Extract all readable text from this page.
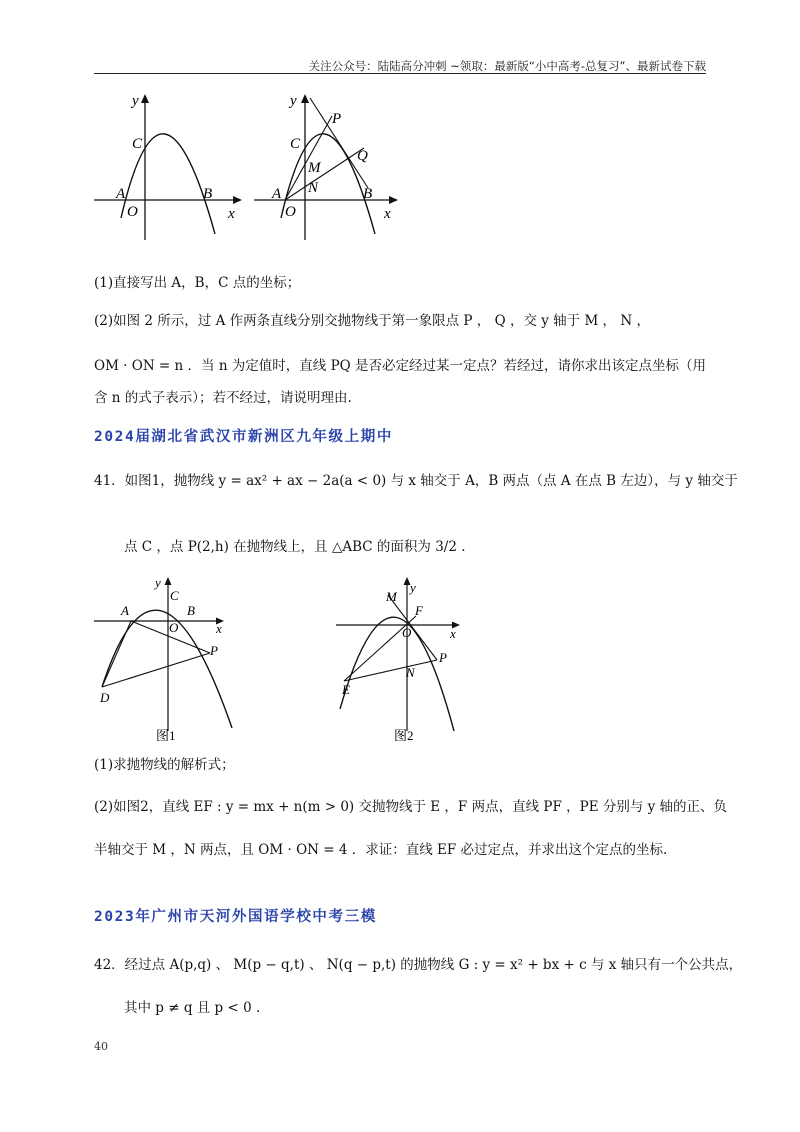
关注公众号：陆陆高分冲刺 ~领取：最新版“小中高考-总复习”、最新试卷下载
y
C
A
O
B
x
y
P
C
Q
M
N
A
O
B
x
(1)直接写出 A，B，C 点的坐标；
(2)如图 2 所示，过 A 作两条直线分别交抛物线于第一象限点 P ， Q ，交 y 轴于 M ， N ，
OM · ON = n ．当 n 为定值时，直线 PQ 是否必定经过某一定点？若经过，请你求出该定点坐标（用
含 n 的式子表示）；若不经过，请说明理由.
2024届湖北省武汉市新洲区九年级上期中
41．如图1，抛物线 y = ax² + ax − 2a(a < 0) 与 x 轴交于 A，B 两点（点 A 在点 B 左边），与 y 轴交于
点 C ，点 P(2,h) 在抛物线上，且 △ABC 的面积为 3/2 .
y
C
A	B
O	x
P
D
图1
M
y
F
O	x
P
N
E
图2
(1)求抛物线的解析式；
(2)如图2，直线 EF : y = mx + n(m > 0) 交抛物线于 E ，F 两点，直线 PF ，PE 分别与 y 轴的正、负
半轴交于 M ，N 两点，且 OM · ON = 4 ．求证：直线 EF 必过定点，并求出这个定点的坐标.
2023年广州市天河外国语学校中考三模
42．经过点 A(p,q) 、 M(p − q,t) 、 N(q − p,t) 的抛物线 G : y = x² + bx + c 与 x 轴只有一个公共点，
其中 p ≠ q 且 p < 0 .
40
